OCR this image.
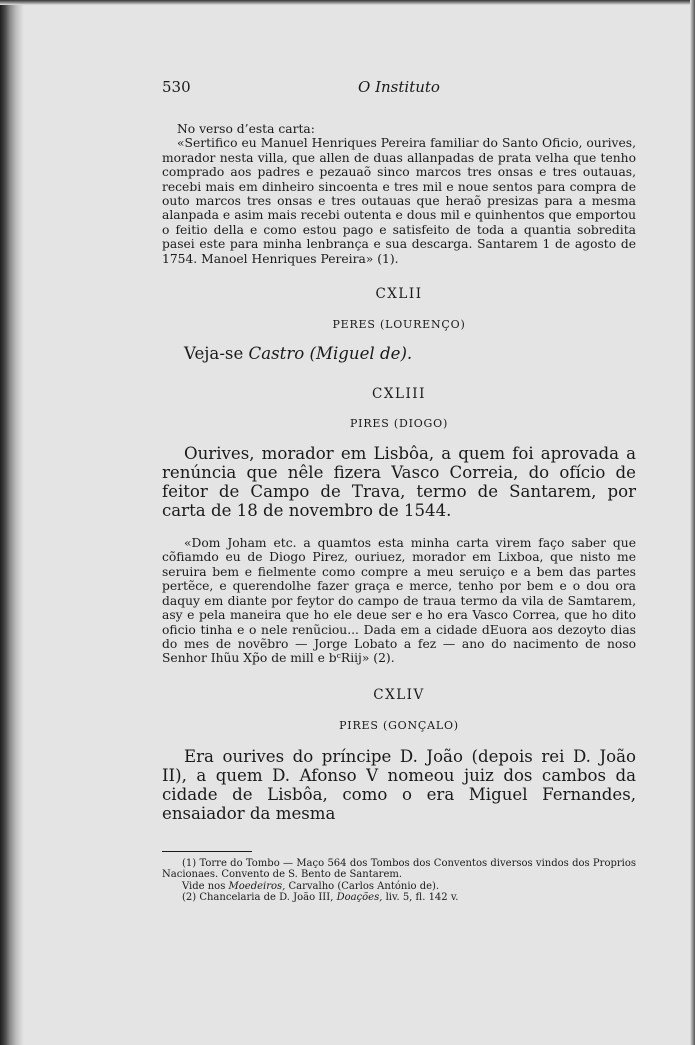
530	O Instituto

No verso d’esta carta:

«Sertifico eu Manuel Henriques Pereira familiar do Santo Oficio, ourives, morador nesta villa, que allen de duas allanpadas de prata velha que tenho comprado aos padres e pezauaõ sinco marcos tres onsas e tres outauas, recebi mais em dinheiro sincoenta e tres mil e noue sentos para compra de outo marcos tres onsas e tres outauas que heraõ presizas para a mesma alanpada e asim mais recebi outenta e dous mil e quinhentos que emportou o feitio della e como estou pago e satisfeito de toda a quantia sobredita pasei este para minha lenbrança e sua descarga. Santarem 1 de agosto de 1754. Manoel Henriques Pereira» (1).

CXLII

PERES (LOURENÇO)

Veja-se Castro (Miguel de).

CXLIII

PIRES (DIOGO)

Ourives, morador em Lisbôa, a quem foi aprovada a renúncia que nêle fizera Vasco Correia, do ofício de feitor de Campo de Trava, termo de Santarem, por carta de 18 de novembro de 1544.

«Dom Joham etc. a quamtos esta minha carta virem faço saber que cõfiamdo eu de Diogo Pirez, ouriuez, morador em Lixboa, que nisto me seruira bem e fielmente como compre a meu seruiço e a bem das partes pertẽce, e querendolhe fazer graça e merce, tenho por bem e o dou ora daquy em diante por feytor do campo de traua termo da vila de Samtarem, asy e pela maneira que ho ele deue ser e ho era Vasco Correa, que ho dito oficio tinha e o nele renũciou... Dada em a cidade dEuora aos dezoyto dias do mes de novẽbro — Jorge Lobato a fez — ano do nacimento de noso Senhor Ihũu Xp̃o de mill e bᶜRiij» (2).

CXLIV

PIRES (GONÇALO)

Era ourives do príncipe D. João (depois rei D. João II), a quem D. Afonso V nomeou juiz dos cambos da cidade de Lisbôa, como o era Miguel Fernandes, ensaiador da mesma

(1) Torre do Tombo — Maço 564 dos Tombos dos Conventos diversos vindos dos Proprios Nacionaes. Convento de S. Bento de Santarem.

Vide nos Moedeiros, Carvalho (Carlos António de).

(2) Chancelaria de D. João III, Doações, liv. 5, fl. 142 v.
